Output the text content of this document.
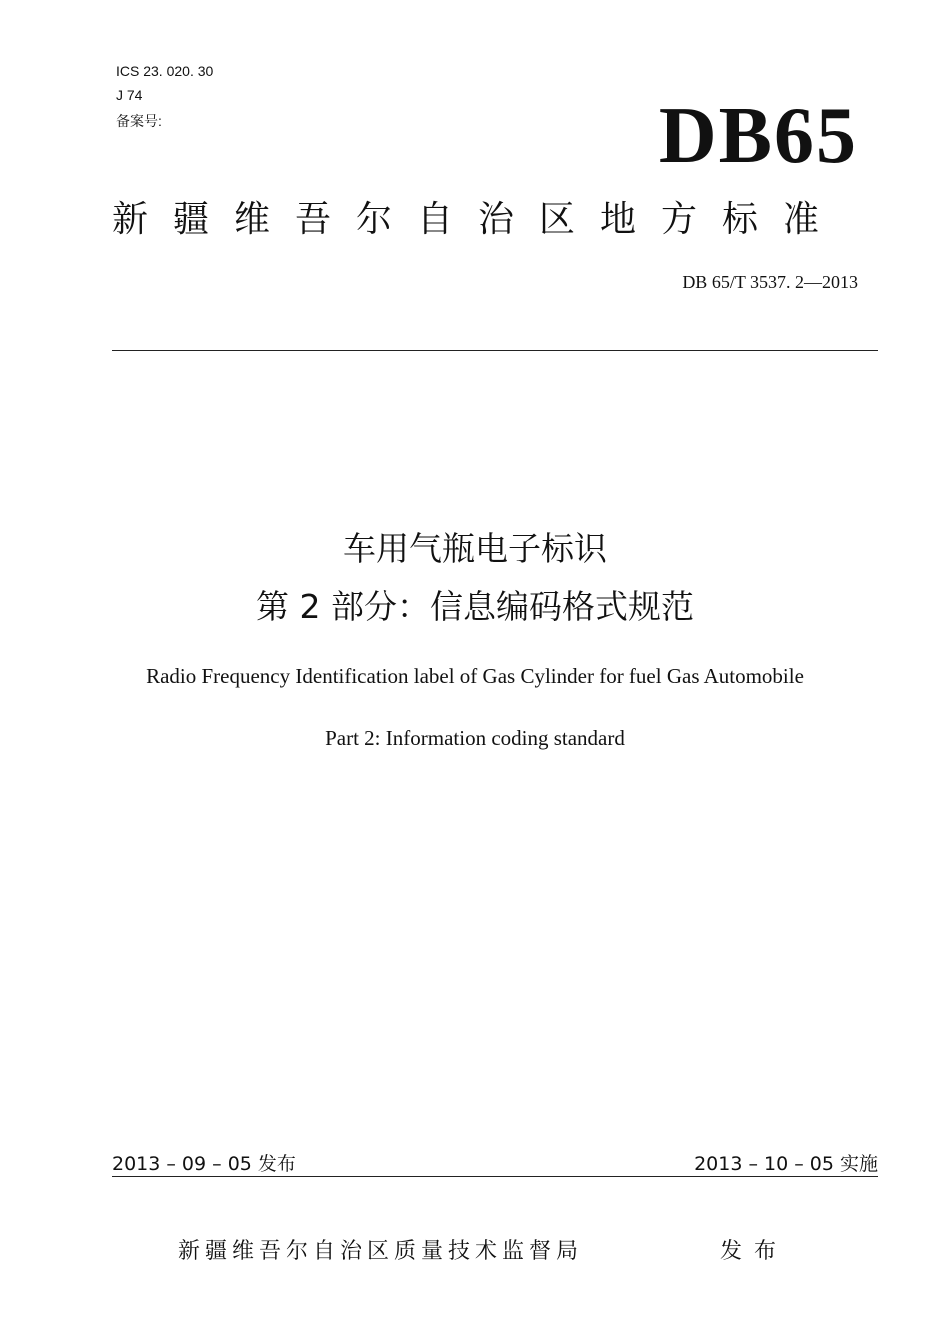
ICS 23. 020. 30
J 74
备案号:	DB65
新疆维吾尔自治区地方标准
DB 65/T 3537. 2—2013
车用气瓶电子标识
第 2 部分：信息编码格式规范
Radio Frequency Identification label of Gas Cylinder for fuel Gas Automobile
Part 2: Information coding standard
2013 – 09 – 05 发布	2013 – 10 – 05 实施
新疆维吾尔自治区质量技术监督局	发布
